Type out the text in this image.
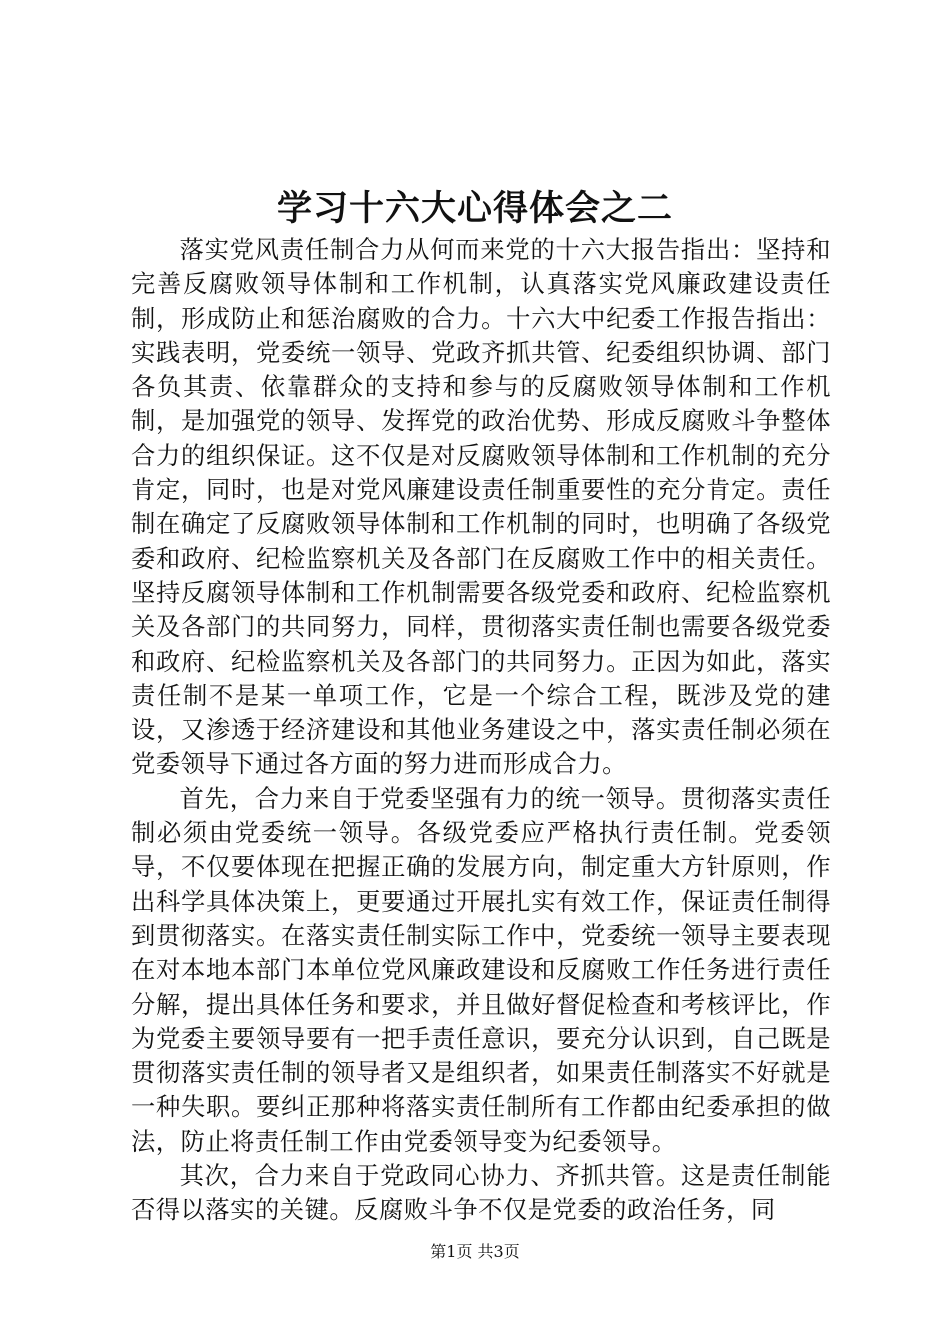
学习十六大心得体会之二

落实党风责任制合力从何而来党的十六大报告指出：坚持和完善反腐败领导体制和工作机制，认真落实党风廉政建设责任制，形成防止和惩治腐败的合力。十六大中纪委工作报告指出：实践表明，党委统一领导、党政齐抓共管、纪委组织协调、部门各负其责、依靠群众的支持和参与的反腐败领导体制和工作机制，是加强党的领导、发挥党的政治优势、形成反腐败斗争整体合力的组织保证。这不仅是对反腐败领导体制和工作机制的充分肯定，同时，也是对党风廉建设责任制重要性的充分肯定。责任制在确定了反腐败领导体制和工作机制的同时，也明确了各级党委和政府、纪检监察机关及各部门在反腐败工作中的相关责任。坚持反腐领导体制和工作机制需要各级党委和政府、纪检监察机关及各部门的共同努力，同样，贯彻落实责任制也需要各级党委和政府、纪检监察机关及各部门的共同努力。正因为如此，落实责任制不是某一单项工作，它是一个综合工程，既涉及党的建设，又渗透于经济建设和其他业务建设之中，落实责任制必须在党委领导下通过各方面的努力进而形成合力。

首先，合力来自于党委坚强有力的统一领导。贯彻落实责任制必须由党委统一领导。各级党委应严格执行责任制。党委领导，不仅要体现在把握正确的发展方向，制定重大方针原则，作出科学具体决策上，更要通过开展扎实有效工作，保证责任制得到贯彻落实。在落实责任制实际工作中，党委统一领导主要表现在对本地本部门本单位党风廉政建设和反腐败工作任务进行责任分解，提出具体任务和要求，并且做好督促检查和考核评比，作为党委主要领导要有一把手责任意识，要充分认识到，自己既是贯彻落实责任制的领导者又是组织者，如果责任制落实不好就是一种失职。要纠正那种将落实责任制所有工作都由纪委承担的做法，防止将责任制工作由党委领导变为纪委领导。

其次，合力来自于党政同心协力、齐抓共管。这是责任制能否得以落实的关键。反腐败斗争不仅是党委的政治任务，同

第1页 共3页
